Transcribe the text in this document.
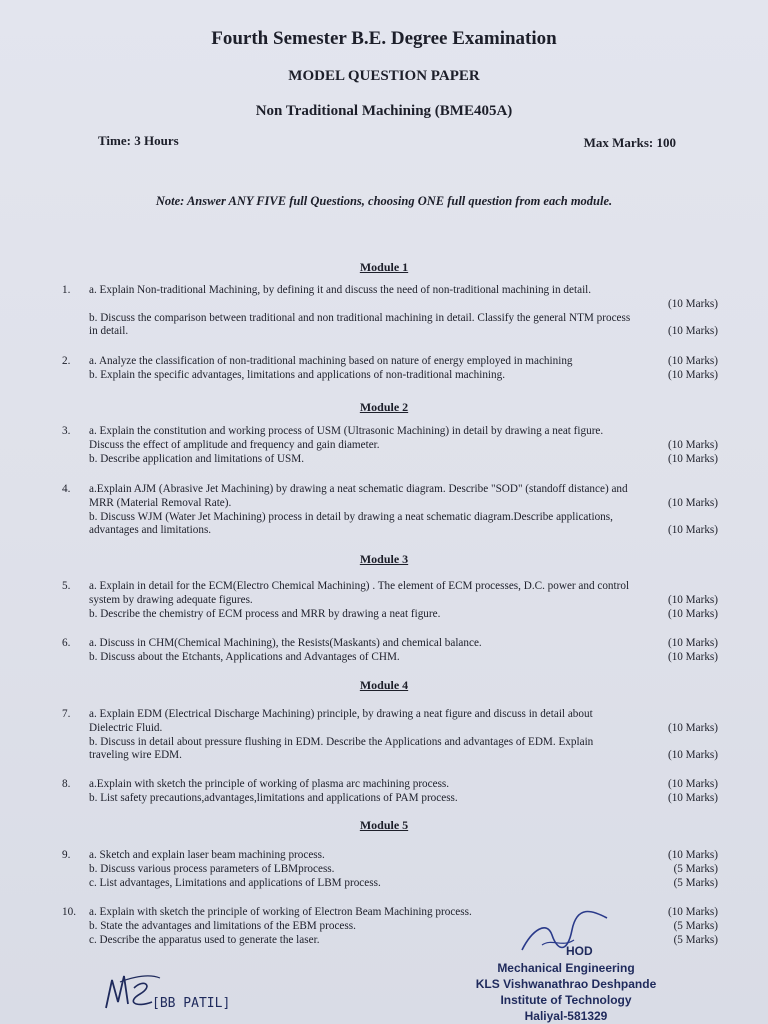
Fourth Semester B.E. Degree Examination
MODEL QUESTION PAPER
Non Traditional Machining (BME405A)
Time: 3 Hours	Max Marks: 100
Note: Answer ANY FIVE full Questions, choosing ONE full question from each module.
Module 1
Module 2
Module 3
Module 4
Module 5
1.	a. Explain Non-traditional Machining, by defining it and discuss the need of non-traditional machining in detail.

(10 Marks)
b. Discuss the comparison between traditional and non traditional machining in detail. Classify the general NTM process
in detail.	(10 Marks)
2.	a. Analyze the classification of non-traditional machining based on nature of energy employed in machining	(10 Marks)
b. Explain the specific advantages, limitations and applications of non-traditional machining.	(10 Marks)
3.	a. Explain the constitution and working process of USM (Ultrasonic Machining) in detail by drawing a neat figure.
Discuss the effect of amplitude and frequency and gain diameter.	(10 Marks)
b. Describe application and limitations of USM.	(10 Marks)
4.	a.Explain AJM (Abrasive Jet Machining) by drawing a neat schematic diagram. Describe "SOD" (standoff distance) and
MRR (Material Removal Rate).	(10 Marks)
b. Discuss WJM (Water Jet Machining) process in detail by drawing a neat schematic diagram.Describe applications,
advantages and limitations.	(10 Marks)
5.	a. Explain in detail for the ECM(Electro Chemical Machining) . The element of ECM processes, D.C. power and control
system by drawing adequate figures.	(10 Marks)
b. Describe the chemistry of ECM process and MRR by drawing a neat figure.	(10 Marks)
6.	a. Discuss in CHM(Chemical Machining), the Resists(Maskants) and chemical balance.	(10 Marks)
b. Discuss about the Etchants, Applications and Advantages of CHM.	(10 Marks)
7.	a. Explain EDM (Electrical Discharge Machining) principle, by drawing a neat figure and discuss in detail about
Dielectric Fluid.	(10 Marks)
b. Discuss in detail about pressure flushing in EDM. Describe the Applications and advantages of EDM. Explain
traveling wire EDM.	(10 Marks)
8.	a.Explain with sketch the principle of working of plasma arc machining process.	(10 Marks)
b. List safety precautions,advantages,limitations and applications of PAM process.	(10 Marks)
9.	a. Sketch and explain laser beam machining process.	(10 Marks)
b. Discuss various process parameters of LBMprocess.	(5 Marks)
c. List advantages, Limitations and applications of LBM process.	(5 Marks)
10.	a. Explain with sketch the principle of working of Electron Beam Machining process.	(10 Marks)
b. State the advantages and limitations of the EBM process.	(5 Marks)
c. Describe the apparatus used to generate the laser.	(5 Marks)
HOD
Mechanical Engineering
KLS Vishwanathrao Deshpande
Institute of Technology
Haliyal-581329
[BB PATIL]
